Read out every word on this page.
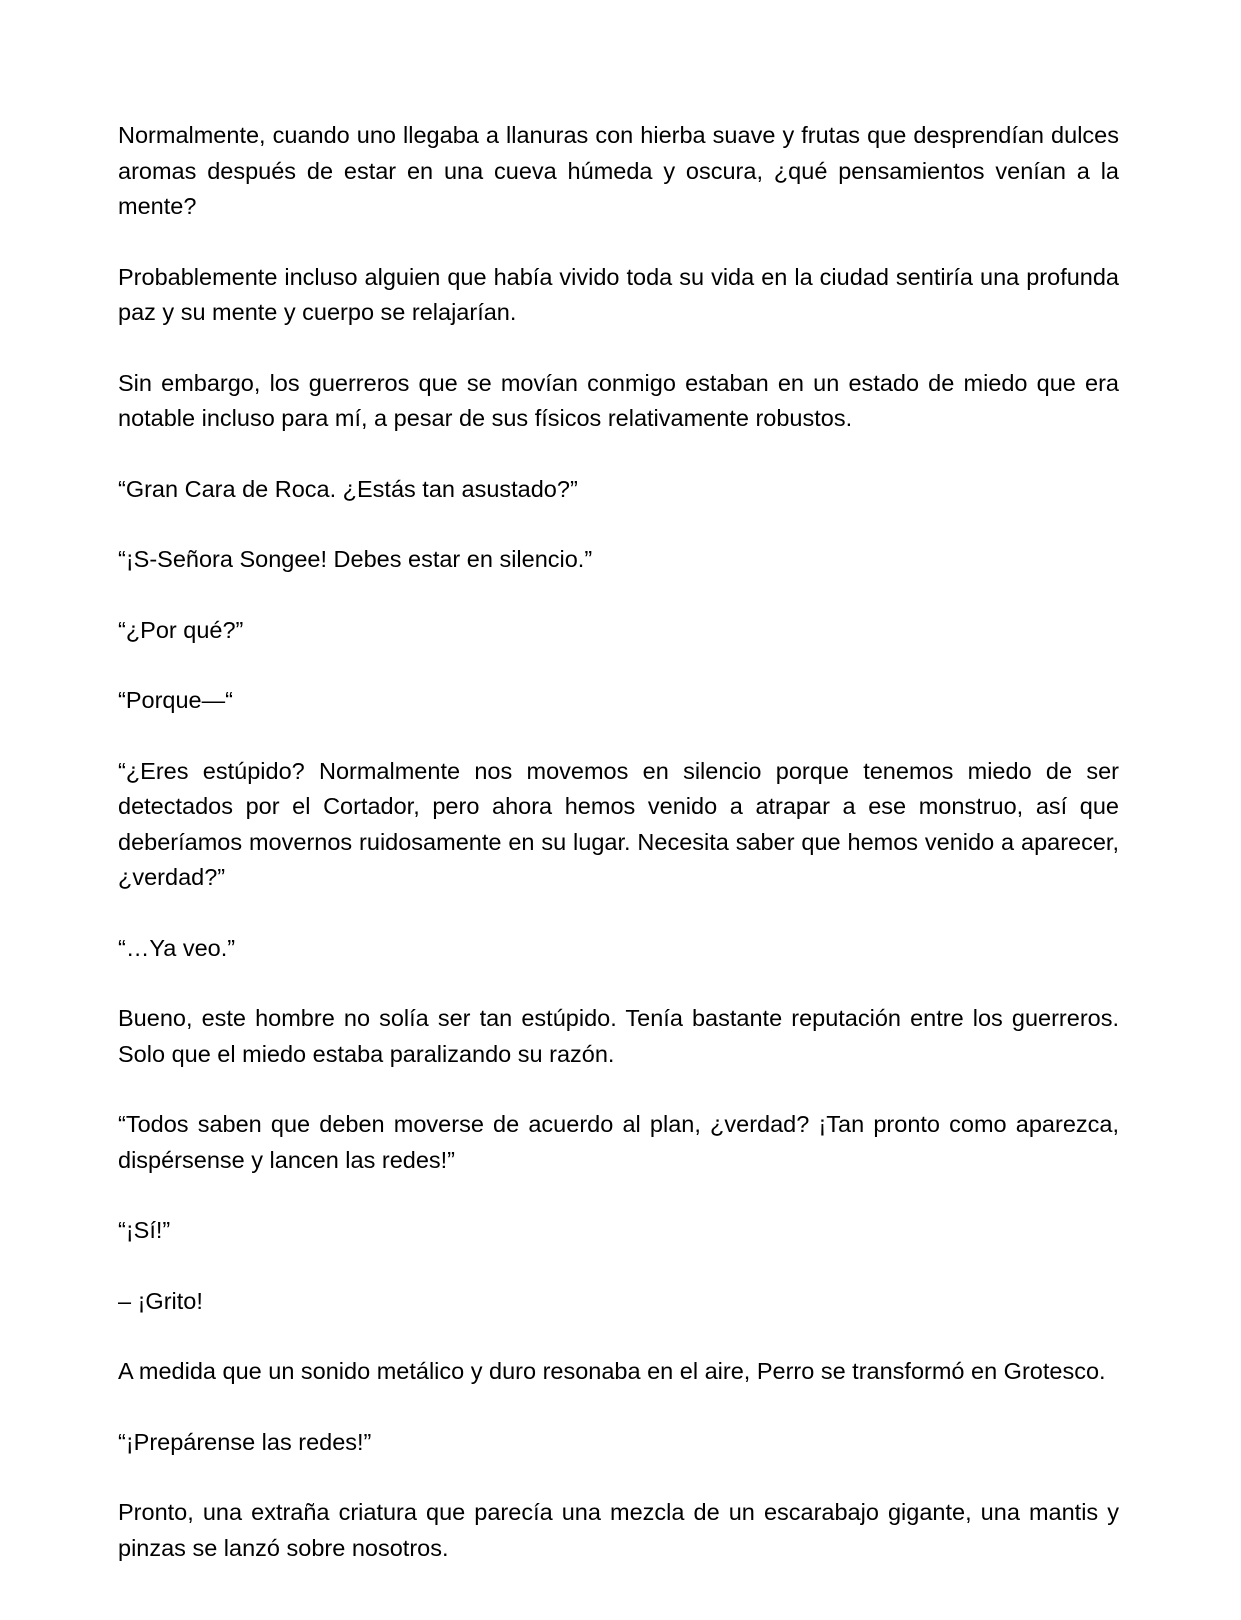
Normalmente, cuando uno llegaba a llanuras con hierba suave y frutas que desprendían dulces aromas después de estar en una cueva húmeda y oscura, ¿qué pensamientos venían a la mente?

Probablemente incluso alguien que había vivido toda su vida en la ciudad sentiría una profunda paz y su mente y cuerpo se relajarían.

Sin embargo, los guerreros que se movían conmigo estaban en un estado de miedo que era notable incluso para mí, a pesar de sus físicos relativamente robustos.

“Gran Cara de Roca. ¿Estás tan asustado?”

“¡S-Señora Songee! Debes estar en silencio.”

“¿Por qué?”

“Porque—“

“¿Eres estúpido? Normalmente nos movemos en silencio porque tenemos miedo de ser detectados por el Cortador, pero ahora hemos venido a atrapar a ese monstruo, así que deberíamos movernos ruidosamente en su lugar. Necesita saber que hemos venido a aparecer, ¿verdad?”

“…Ya veo.”

Bueno, este hombre no solía ser tan estúpido. Tenía bastante reputación entre los guerreros. Solo que el miedo estaba paralizando su razón.

“Todos saben que deben moverse de acuerdo al plan, ¿verdad? ¡Tan pronto como aparezca, dispérsense y lancen las redes!”

“¡Sí!”

– ¡Grito!

A medida que un sonido metálico y duro resonaba en el aire, Perro se transformó en Grotesco.

“¡Prepárense las redes!”

Pronto, una extraña criatura que parecía una mezcla de un escarabajo gigante, una mantis y pinzas se lanzó sobre nosotros.
